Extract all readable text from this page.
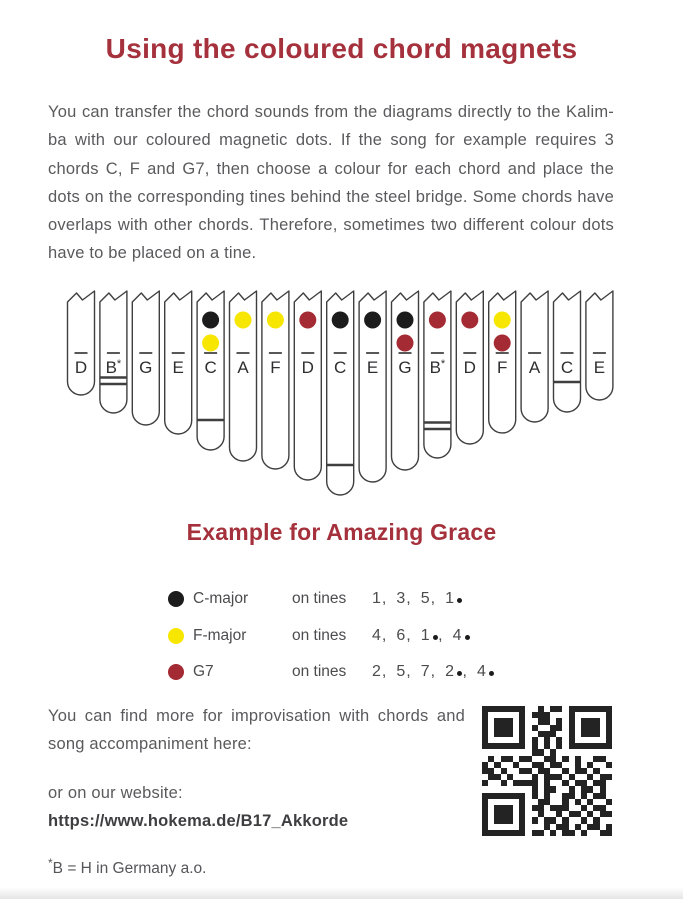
Using the coloured chord magnets
You can transfer the chord sounds from the diagrams directly to the Kalim-
ba with our coloured magnetic dots. If the song for example requires 3
chords C, F and G7, then choose a colour for each chord and place the
dots on the corresponding tines behind the steel bridge. Some chords have
overlaps with other chords. Therefore, sometimes two different colour dots
have to be placed on a tine.
D B* G E C A F D C E G B* D F A C E
Example for Amazing Grace
C-major	on tines	1, 3, 5, 1
F-major	on tines	4, 6, 1 , 4
G7	on tines	2, 5, 7, 2 , 4
You can find more for improvisation with chords and
song accompaniment here:
or on our website:
https://www.hokema.de/B17_Akkorde
*B = H in Germany a.o.
